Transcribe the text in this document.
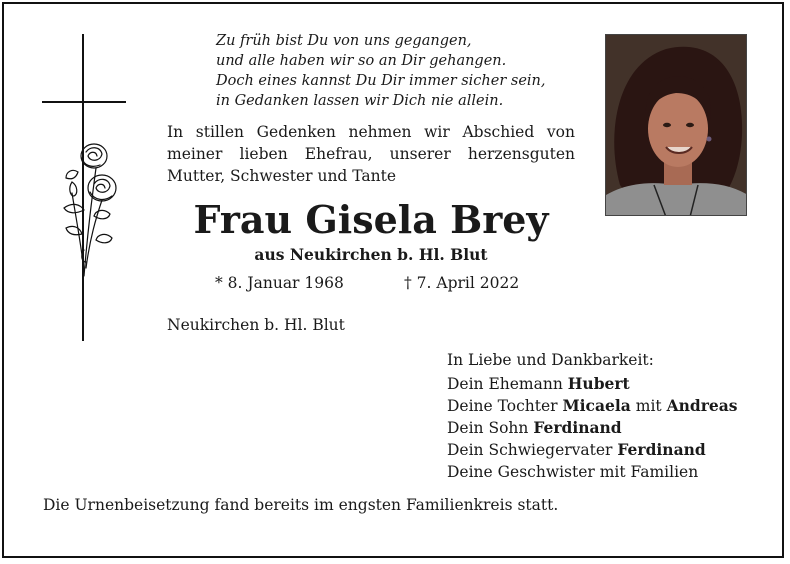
Zu früh bist Du von uns gegangen,
und alle haben wir so an Dir gehangen.
Doch eines kannst Du Dir immer sicher sein,
in Gedanken lassen wir Dich nie allein.
In stillen Gedenken nehmen wir Abschied von meiner lieben Ehefrau, unserer herzensguten Mutter, Schwester und Tante
Frau Gisela Brey
aus Neukirchen b. Hl. Blut
* 8. Januar 1968	† 7. April 2022
Neukirchen b. Hl. Blut
In Liebe und Dankbarkeit:
Dein Ehemann Hubert
Deine Tochter Micaela mit Andreas
Dein Sohn Ferdinand
Dein Schwiegervater Ferdinand
Deine Geschwister mit Familien
Die Urnenbeisetzung fand bereits im engsten Familienkreis statt.
